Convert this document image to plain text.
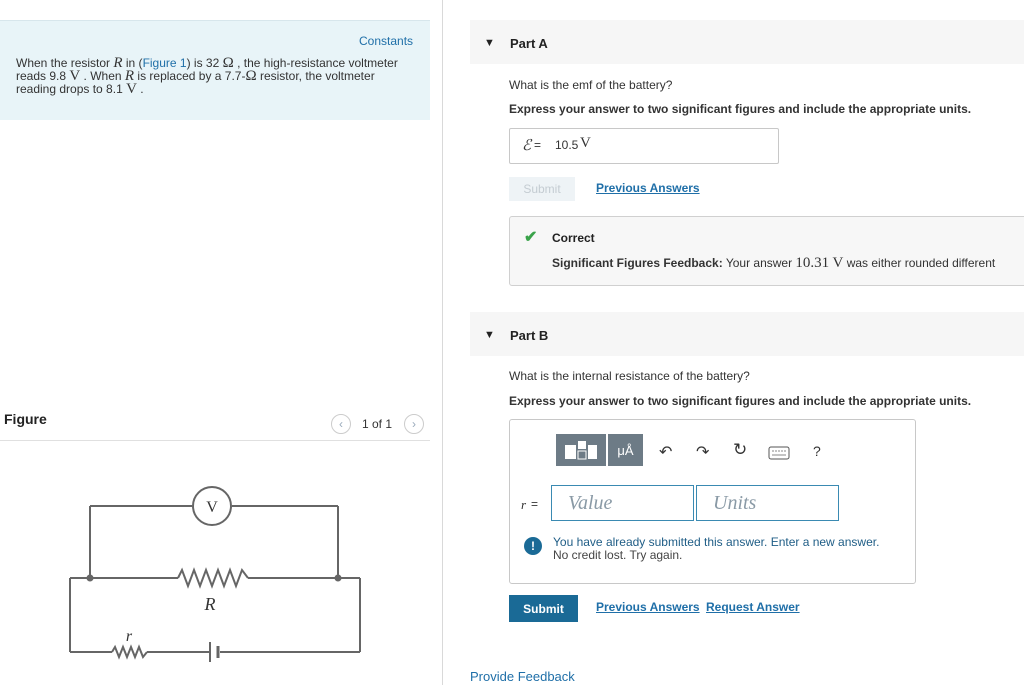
Constants
When the resistor R in (Figure 1) is 32 Ω , the high-resistance voltmeter reads 9.8 V . When R is replaced by a 7.7-Ω resistor, the voltmeter reading drops to 8.1 V .
Figure	‹ 1 of 1 ›
V
R
r
▼ Part A
What is the emf of the battery?
Express your answer to two significant figures and include the appropriate units.
ℰ = 10.5 V
Submit	Previous Answers
✔ Correct
Significant Figures Feedback: Your answer 10.31 V was either rounded different
▼ Part B
What is the internal resistance of the battery?
Express your answer to two significant figures and include the appropriate units.
μÅ	↶ ↷ ↻	?
r =	Value	Units
!	You have already submitted this answer. Enter a new answer.
No credit lost. Try again.
Submit	Previous Answers Request Answer
Provide Feedback
